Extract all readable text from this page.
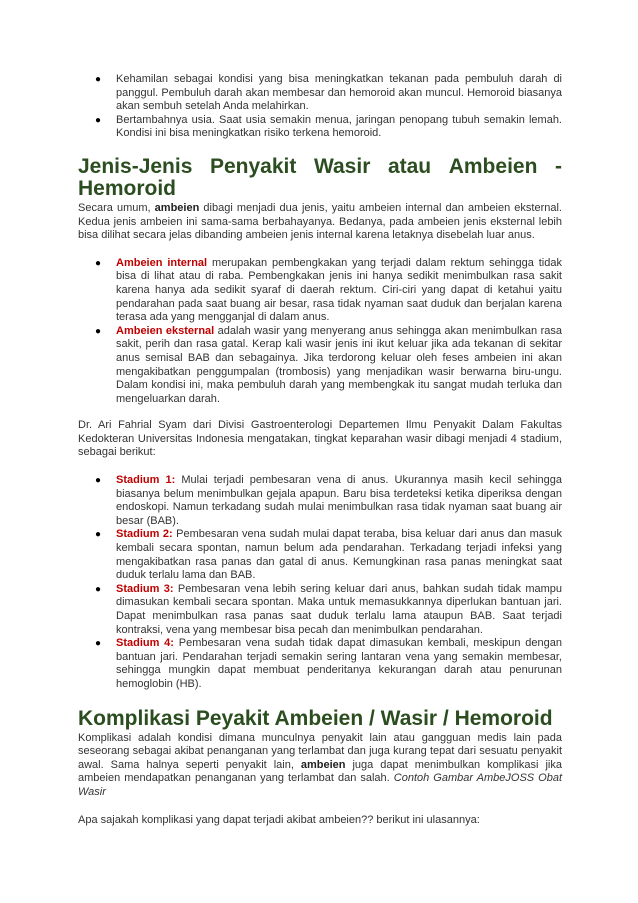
● Kehamilan sebagai kondisi yang bisa meningkatkan tekanan pada pembuluh darah di panggul. Pembuluh darah akan membesar dan hemoroid akan muncul. Hemoroid biasanya akan sembuh setelah Anda melahirkan.
● Bertambahnya usia. Saat usia semakin menua, jaringan penopang tubuh semakin lemah. Kondisi ini bisa meningkatkan risiko terkena hemoroid.
Jenis-Jenis Penyakit Wasir atau Ambeien -
Hemoroid

Secara umum, ambeien dibagi menjadi dua jenis, yaitu ambeien internal dan ambeien eksternal. Kedua jenis ambeien ini sama-sama berbahayanya. Bedanya, pada ambeien jenis eksternal lebih bisa dilihat secara jelas dibanding ambeien jenis internal karena letaknya disebelah luar anus.

● Ambeien internal merupakan pembengkakan yang terjadi dalam rektum sehingga tidak bisa di lihat atau di raba. Pembengkakan jenis ini hanya sedikit menimbulkan rasa sakit karena hanya ada sedikit syaraf di daerah rektum. Ciri-ciri yang dapat di ketahui yaitu pendarahan pada saat buang air besar, rasa tidak nyaman saat duduk dan berjalan karena terasa ada yang mengganjal di dalam anus.
● Ambeien eksternal adalah wasir yang menyerang anus sehingga akan menimbulkan rasa sakit, perih dan rasa gatal. Kerap kali wasir jenis ini ikut keluar jika ada tekanan di sekitar anus semisal BAB dan sebagainya. Jika terdorong keluar oleh feses ambeien ini akan mengakibatkan penggumpalan (trombosis) yang menjadikan wasir berwarna biru-ungu. Dalam kondisi ini, maka pembuluh darah yang membengkak itu sangat mudah terluka dan mengeluarkan darah.

Dr. Ari Fahrial Syam dari Divisi Gastroenterologi Departemen Ilmu Penyakit Dalam Fakultas Kedokteran Universitas Indonesia mengatakan, tingkat keparahan wasir dibagi menjadi 4 stadium, sebagai berikut:

● Stadium 1: Mulai terjadi pembesaran vena di anus. Ukurannya masih kecil sehingga biasanya belum menimbulkan gejala apapun. Baru bisa terdeteksi ketika diperiksa dengan endoskopi. Namun terkadang sudah mulai menimbulkan rasa tidak nyaman saat buang air besar (BAB).
● Stadium 2: Pembesaran vena sudah mulai dapat teraba, bisa keluar dari anus dan masuk kembali secara spontan, namun belum ada pendarahan. Terkadang terjadi infeksi yang mengakibatkan rasa panas dan gatal di anus. Kemungkinan rasa panas meningkat saat duduk terlalu lama dan BAB.
● Stadium 3: Pembesaran vena lebih sering keluar dari anus, bahkan sudah tidak mampu dimasukan kembali secara spontan. Maka untuk memasukkannya diperlukan bantuan jari. Dapat menimbulkan rasa panas saat duduk terlalu lama ataupun BAB. Saat terjadi kontraksi, vena yang membesar bisa pecah dan menimbulkan pendarahan.
● Stadium 4: Pembesaran vena sudah tidak dapat dimasukan kembali, meskipun dengan bantuan jari. Pendarahan terjadi semakin sering lantaran vena yang semakin membesar, sehingga mungkin dapat membuat penderitanya kekurangan darah atau penurunan hemoglobin (HB).
Komplikasi Peyakit Ambeien / Wasir / Hemoroid

Komplikasi adalah kondisi dimana munculnya penyakit lain atau gangguan medis lain pada seseorang sebagai akibat penanganan yang terlambat dan juga kurang tepat dari sesuatu penyakit awal. Sama halnya seperti penyakit lain, ambeien juga dapat menimbulkan komplikasi jika ambeien mendapatkan penanganan yang terlambat dan salah. Contoh Gambar AmbeJOSS Obat Wasir

Apa sajakah komplikasi yang dapat terjadi akibat ambeien?? berikut ini ulasannya:
